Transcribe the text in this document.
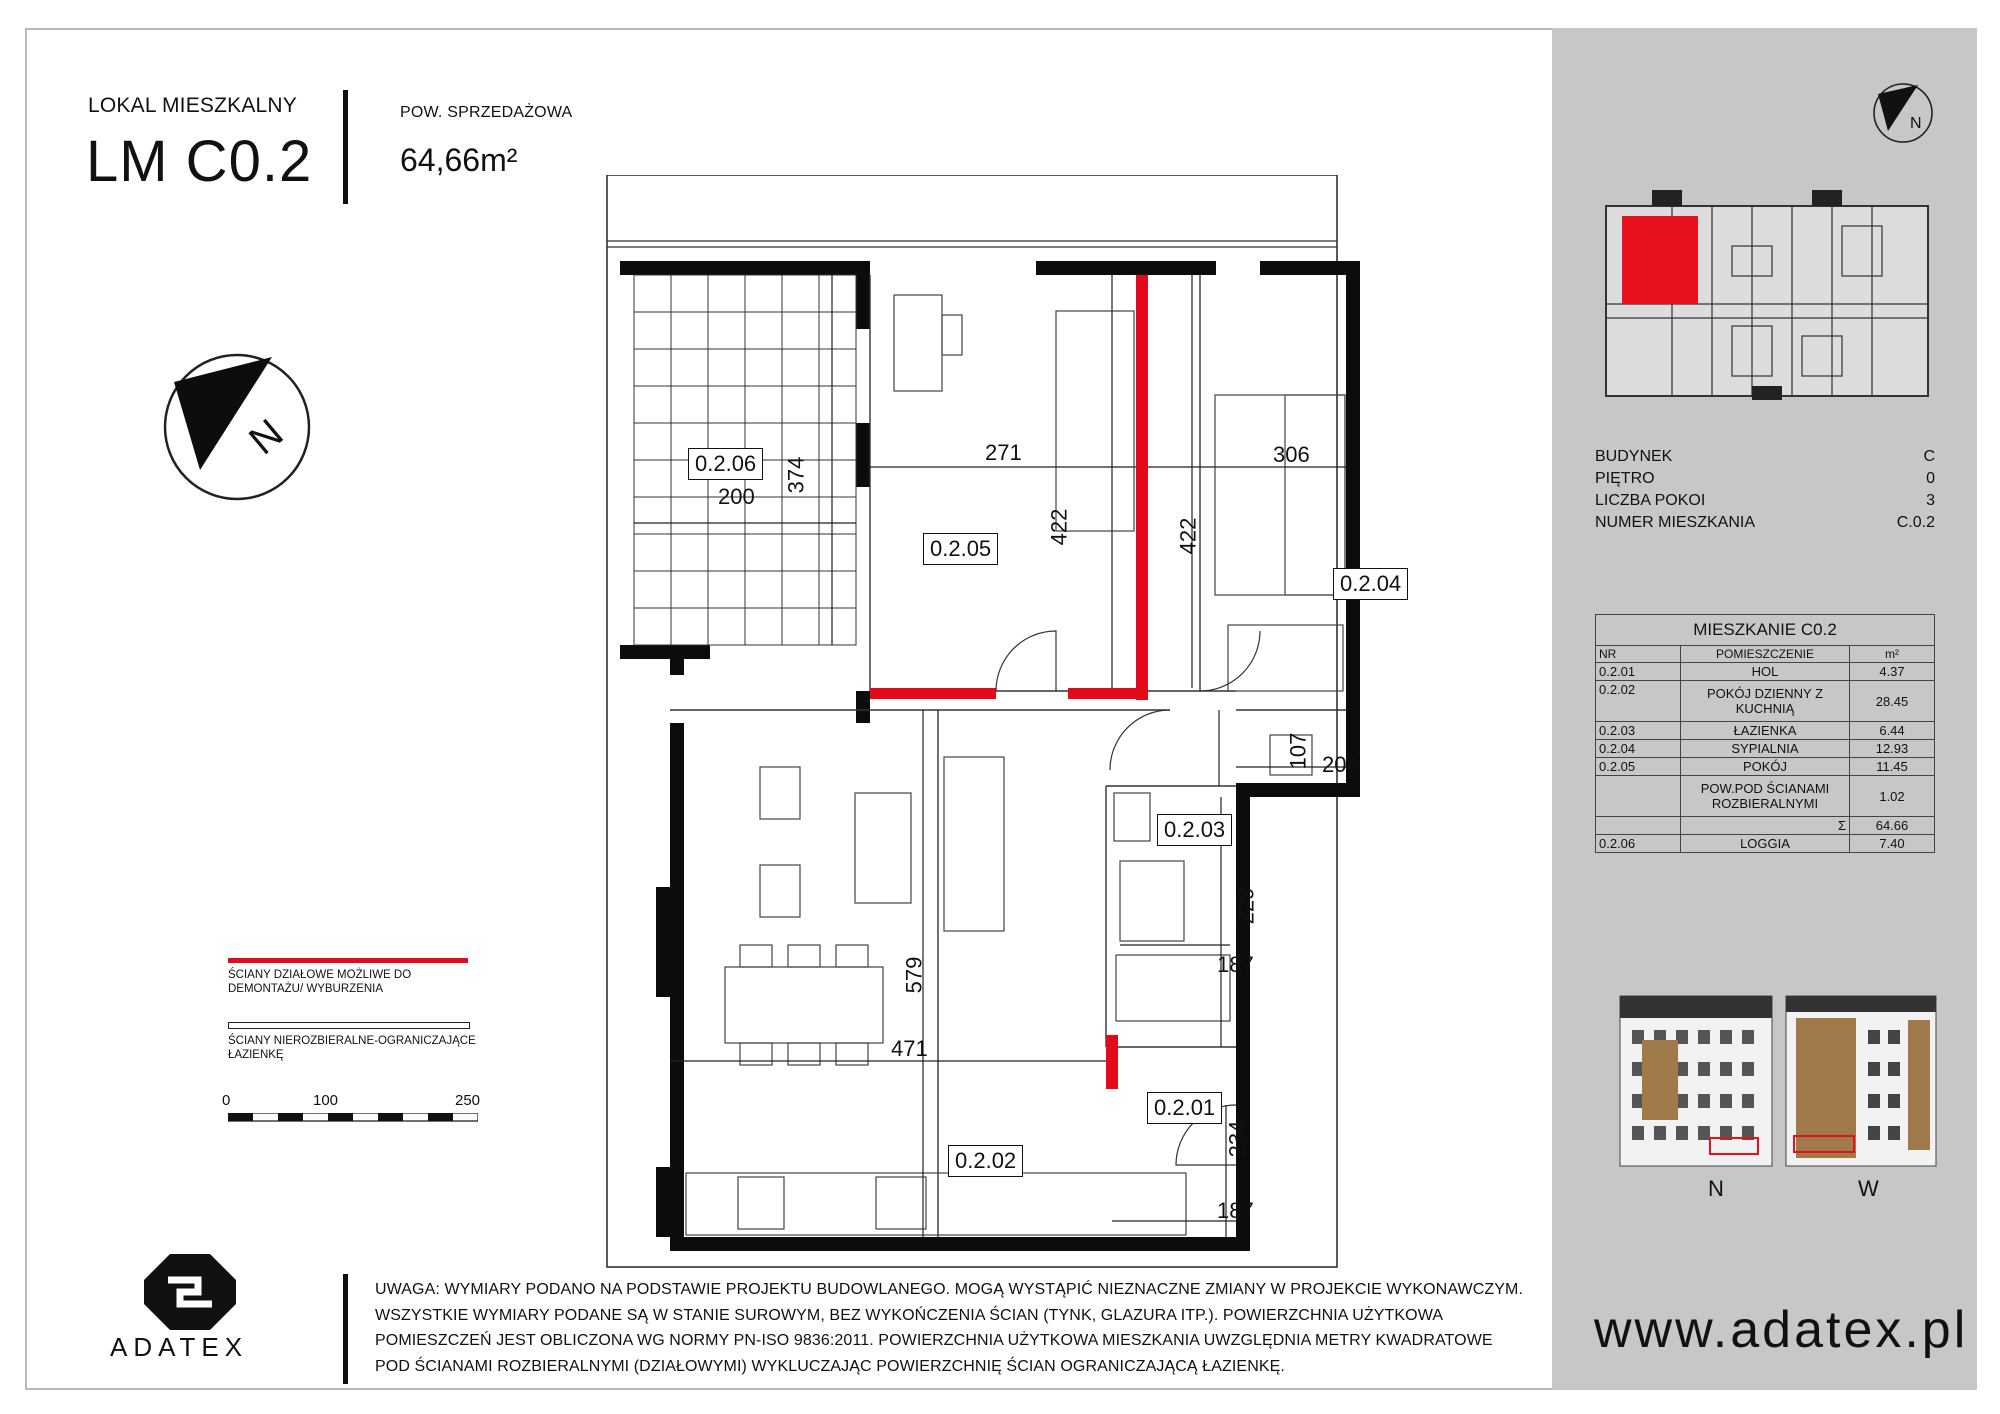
LOKAL MIESZKALNY
LM C0.2
POW. SPRZEDAŻOWA
64,66m²
N
200
374
271
422	422
306
107 204
229
187
579
471
234
187
0.2.06
0.2.05
0.2.04
0.2.03
0.2.02
0.2.01
ŚCIANY DZIAŁOWE MOŻLIWE DO DEMONTAŻU/ WYBURZENIA
ŚCIANY NIEROZBIERALNE-OGRANICZAJĄCE ŁAZIENKĘ
0	100	250
ADATEX
UWAGA: WYMIARY PODANO NA PODSTAWIE PROJEKTU BUDOWLANEGO. MOGĄ WYSTĄPIĆ NIEZNACZNE ZMIANY W PROJEKCIE WYKONAWCZYM. WSZYSTKIE WYMIARY PODANE SĄ W STANIE SUROWYM, BEZ WYKOŃCZENIA ŚCIAN (TYNK, GLAZURA ITP.). POWIERZCHNIA UŻYTKOWA POMIESZCZEŃ JEST OBLICZONA WG NORMY PN-ISO 9836:2011. POWIERZCHNIA UŻYTKOWA MIESZKANIA UWZGLĘDNIA METRY KWADRATOWE POD ŚCIANAMI ROZBIERALNYMI (DZIAŁOWYMI) WYKLUCZAJĄC POWIERZCHNIĘ ŚCIAN OGRANICZAJĄCĄ ŁAZIENKĘ.
N
BUDYNEK	C
PIĘTRO	0
LICZBA POKOI	3
NUMER MIESZKANIA	C.0.2
MIESZKANIE C0.2		
NR	POMIESZCZENIE	m²
0.2.01	HOL	4.37
0.2.02	POKÓJ DZIENNY Z KUCHNIĄ	28.45
0.2.03	ŁAZIENKA	6.44
0.2.04	SYPIALNIA	12.93
0.2.05	POKÓJ	11.45
	POW.POD ŚCIANAMI ROZBIERALNYMI	1.02
	Σ	64.66
0.2.06	LOGGIA	7.40
N	W
www.adatex.pl
